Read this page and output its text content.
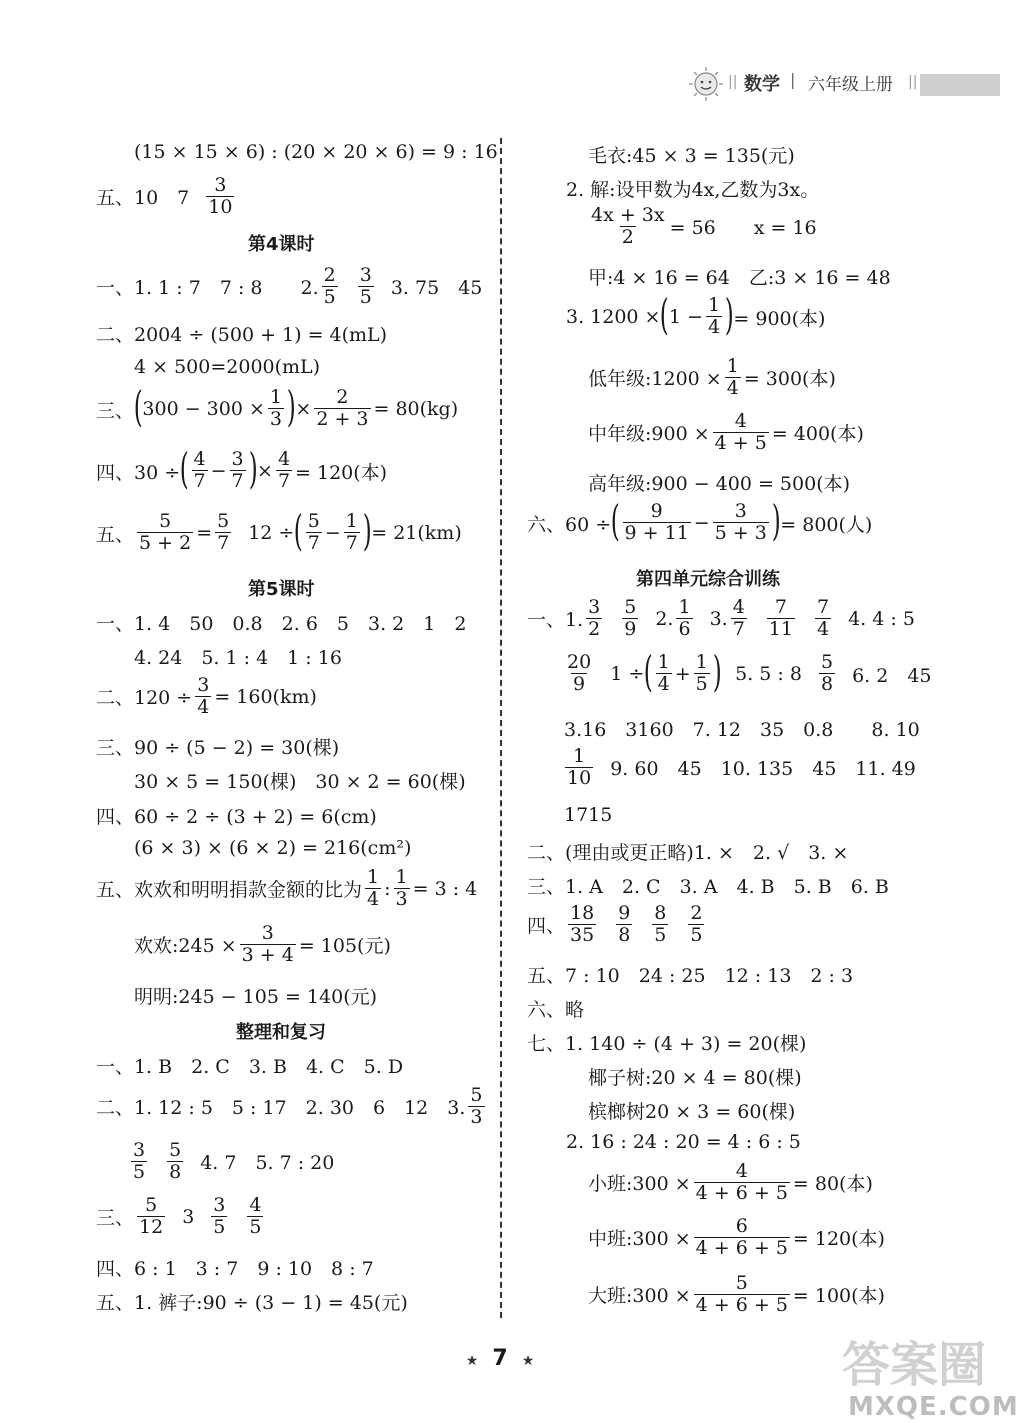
|| 数学 | 六年级上册 ||
(15 × 15 × 6) : (20 × 20 × 6) = 9 : 16
五、10　$7 \frac{3}{10}$
第4课时
一、1. 1 : 7　7 : 8　　2. $\frac{2}{5} \frac{3}{5} 3$. 75　45
二、2004 ÷ (500 + 1) = 4(mL)
4 × 500=2000(mL)
三、 ( $300 - 300 \times \frac{1}{3}$ ) × $\frac{2}{2 + 3} = 80(kg)$
四、30 ÷ ( $\frac{4}{7} - \frac{3}{7}$ ) × $\frac{4}{7} = 120$(本)
五、 $\frac{5}{5 + 2} = \frac{5}{7} 12$ ÷ ( $\frac{5}{7} - \frac{1}{7}$ ) = 21(km)
第5课时
一、1. 4　50　0.8　2. 6　5　3. 2　1　2
4. 24　5. 1 : 4　1 : 16
二、$120 \div \frac{3}{4} = 160(km)$
三、90 ÷ (5 − 2) = 30(棵)
30 × 5 = 150(棵)　30 × 2 = 60(棵)
四、60 ÷ 2 ÷ (3 + 2) = 6(cm)
(6 × 3) × (6 × 2) = 216(cm²)
五、欢欢和明明捐款金额的比为 $\frac{1}{4}$ : $\frac{1}{3} = 3$ : 4
欢欢:245 × $\frac{3}{3 + 4} = 105$(元)
明明:245 − 105 = 140(元)
整理和复习
一、1. B　2. C　3. B　4. C　5. D
二、1. 12 : 5　5 : 17　2. 30　6　12　3. $\frac{5}{3}$
$\frac{3}{5} \frac{5}{8} 4$. 7　5. 7 : 20
三、 $\frac{5}{12} 3 \frac{3}{5} \frac{4}{5}$
四、6 : 1　3 : 7　9 : 10　8 : 7
五、1. 裤子:90 ÷ (3 − 1) = 45(元)
毛衣:45 × 3 = 135(元)
2. 解:设甲数为4x,乙数为3x。
$\frac{4x + 3x}{2} = 56$　　x = 16
甲:4 × 16 = 64　乙:3 × 16 = 48
3. 1200 × ( $1 - \frac{1}{4}$ ) = 900(本)
低年级:1200 × $\frac{1}{4} = 300$(本)
中年级:900 × $\frac{4}{4 + 5} = 400$(本)
高年级:900 − 400 = 500(本)
六、60 ÷ ( $\frac{9}{9 + 11} - \frac{3}{5 + 3}$ ) = 800(人)
第四单元综合训练
一、1. $\frac{3}{2} \frac{5}{9} 2$. $\frac{1}{6} 3$. $\frac{4}{7} \frac{7}{11} \frac{7}{4} 4$. 4 : 5
$\frac{20}{9} 1$ ÷ ( $\frac{1}{4} + \frac{1}{5}$ ) 5. 5 : $8 \frac{5}{8} 6$. 2　45
3.16　3160　7. 12　35　0.8　　8. 10
$\frac{1}{10} 9$. 60　45　10. 135　45　11. 49
1715
二、(理由或更正略)1. ×　2. √　3. ×
三、1. A　2. C　3. A　4. B　5. B　6. B
四、 $\frac{18}{35} \frac{9}{8} \frac{8}{5} \frac{2}{5}$
五、7 : 10　24 : 25　12 : 13　2 : 3
六、略
七、1. 140 ÷ (4 + 3) = 20(棵)
椰子树:20 × 4 = 80(棵)
槟榔树20 × 3 = 60(棵)
2. 16 : 24 : 20 = 4 : 6 : 5
小班:300 × $\frac{4}{4 + 6 + 5} = 80$(本)
中班:300 × $\frac{6}{4 + 6 + 5} = 120$(本)
大班:300 × $\frac{5}{4 + 6 + 5} = 100$(本)
★ 7 ★	答案圈
MXQE.COM
